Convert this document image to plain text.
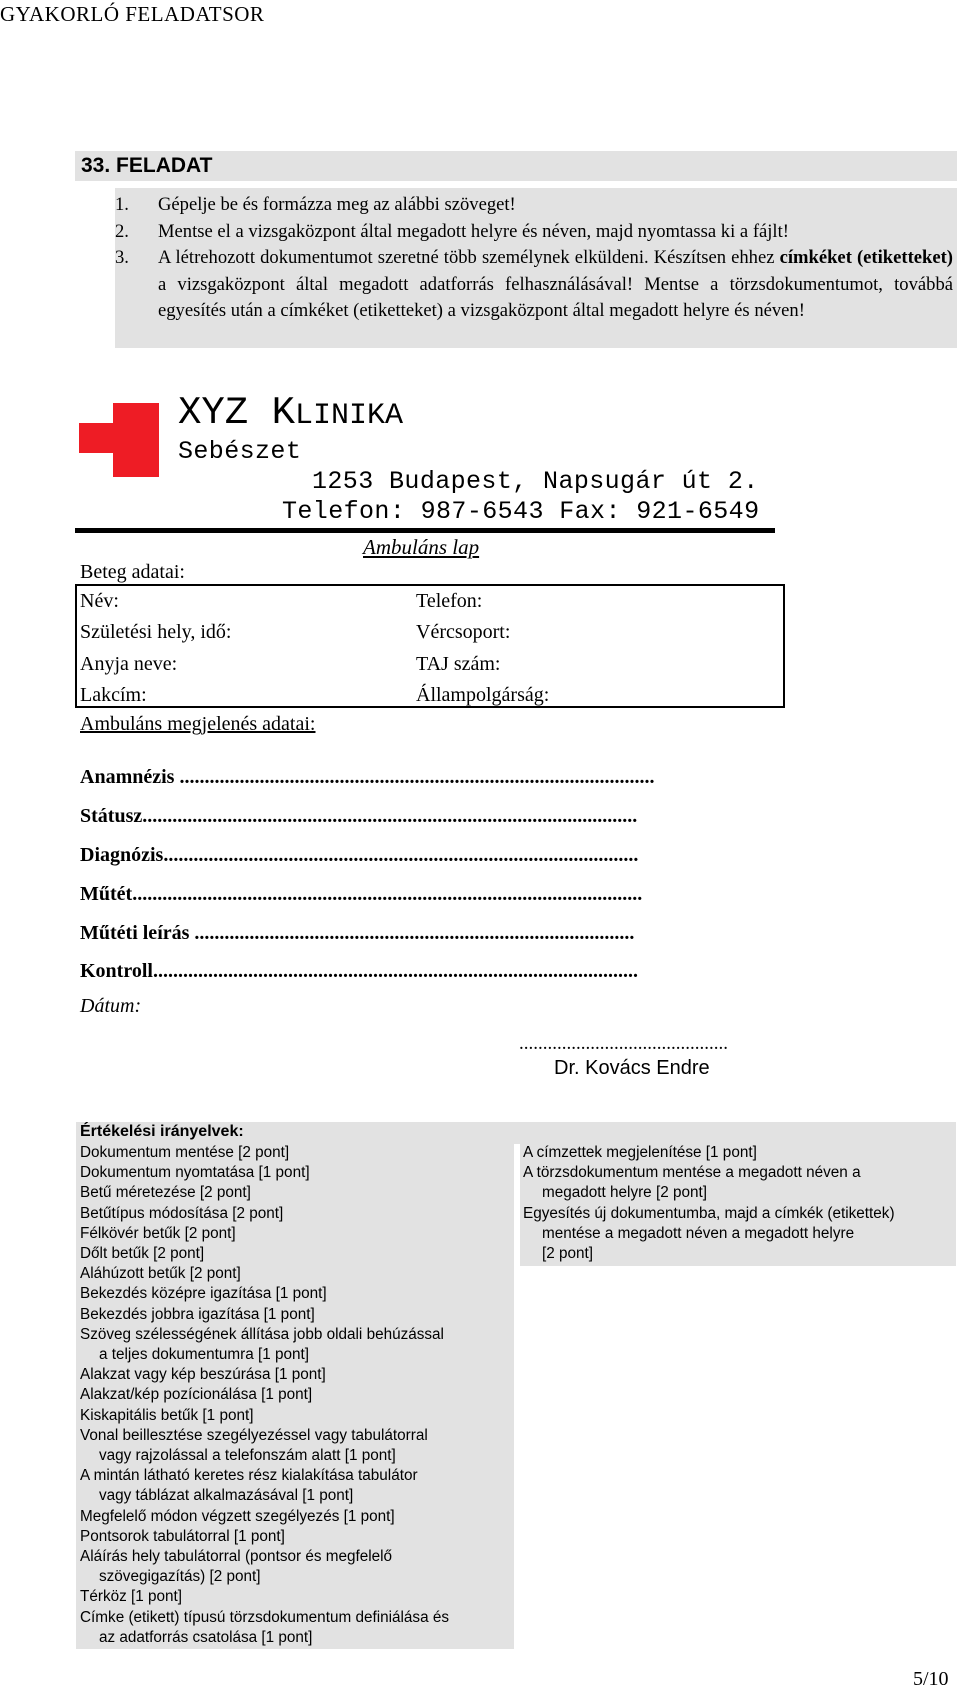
GYAKORLÓ FELADATSOR
33. FELADAT
1. Gépelje be és formázza meg az alábbi szöveget!
2. Mentse el a vizsgaközpont által megadott helyre és néven, majd nyomtassa ki a fájlt!
3. A létrehozott dokumentumot szeretné több személynek elküldeni. Készítsen ehhez címkéket (etiketteket) a vizsgaközpont által megadott adatforrás felhasználásával! Mentse a törzsdokumentumot, továbbá egyesítés után a címkéket (etiketteket) a vizsgaközpont által megadott helyre és néven!
XYZ KLINIKA
Sebészet
1253 Budapest, Napsugár út 2.
Telefon: 987-6543 Fax: 921-6549
Ambuláns lap
Beteg adatai:
Név:
Születési hely, idő:
Anyja neve:
Lakcím:
Telefon:
Vércsoport:
TAJ szám:
Állampolgárság:
Ambuláns megjelenés adatai:
Anamnézis ...............................................................................................
Státusz...................................................................................................
Diagnózis...............................................................................................
Műtét......................................................................................................
Műtéti leírás ........................................................................................
Kontroll.................................................................................................
Dátum:
............................................
Dr. Kovács Endre
Értékelési irányelvek:
Dokumentum mentése [2 pont]
Dokumentum nyomtatása [1 pont]
Betű méretezése [2 pont]
Betűtípus módosítása [2 pont]
Félkövér betűk [2 pont]
Dőlt betűk [2 pont]
Aláhúzott betűk [2 pont]
Bekezdés középre igazítása [1 pont]
Bekezdés jobbra igazítása [1 pont]
Szöveg szélességének állítása jobb oldali behúzással
a teljes dokumentumra [1 pont]
Alakzat vagy kép beszúrása [1 pont]
Alakzat/kép pozícionálása [1 pont]
Kiskapitális betűk [1 pont]
Vonal beillesztése szegélyezéssel vagy tabulátorral
vagy rajzolással a telefonszám alatt [1 pont]
A mintán látható keretes rész kialakítása tabulátor
vagy táblázat alkalmazásával [1 pont]
Megfelelő módon végzett szegélyezés [1 pont]
Pontsorok tabulátorral [1 pont]
Aláírás hely tabulátorral (pontsor és megfelelő
szövegigazítás) [2 pont]
Térköz [1 pont]
Címke (etikett) típusú törzsdokumentum definiálása és
az adatforrás csatolása [1 pont]
A címzettek megjelenítése [1 pont]
A törzsdokumentum mentése a megadott néven a
megadott helyre [2 pont]
Egyesítés új dokumentumba, majd a címkék (etikettek)
mentése a megadott néven a megadott helyre
[2 pont]
5/10
